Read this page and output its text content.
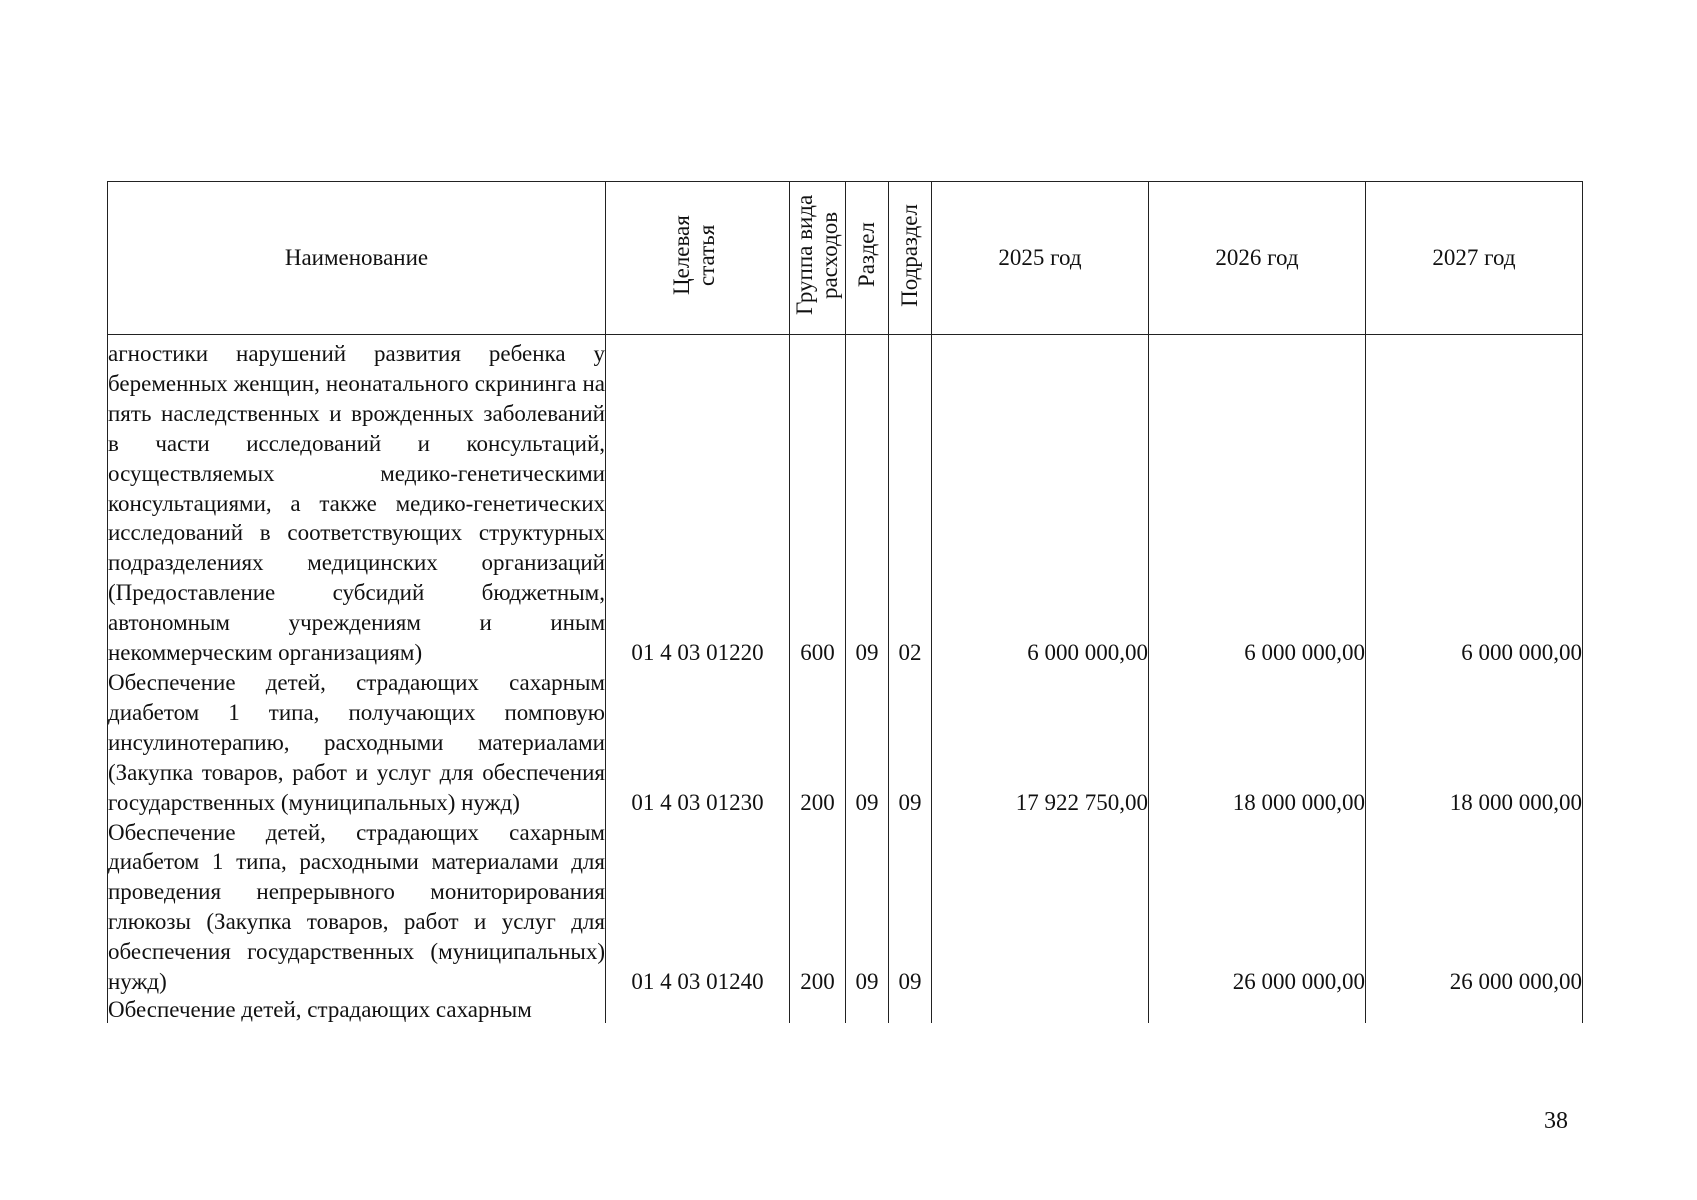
Наименование	Целевая статья	Группа вида расходов	Раздел	Подраздел	2025 год	2026 год	2027 год
агностики нарушений развития ребенка у беременных женщин, неонатального скрининга на пять наследственных и врожденных заболеваний в части исследований и консультаций, осуществляемых медико-генетическими консультациями, а также медико-генетических исследований в соответствующих структурных подразделениях медицинских организаций (Предоставление субсидий бюджетным, автономным учреждениям и иным некоммерческим организациям)	01 4 03 01220	600	09	02	6 000 000,00	6 000 000,00	6 000 000,00
Обеспечение детей, страдающих сахарным диабетом 1 типа, получающих помповую инсулинотерапию, расходными материалами (Закупка товаров, работ и услуг для обеспечения государственных (муниципальных) нужд)	01 4 03 01230	200	09	09	17 922 750,00	18 000 000,00	18 000 000,00
Обеспечение детей, страдающих сахарным диабетом 1 типа, расходными материалами для проведения непрерывного мониторирования глюкозы (Закупка товаров, работ и услуг для обеспечения государственных (муниципальных) нужд)	01 4 03 01240	200	09	09		26 000 000,00	26 000 000,00
Обеспечение детей, страдающих сахарным							
38
